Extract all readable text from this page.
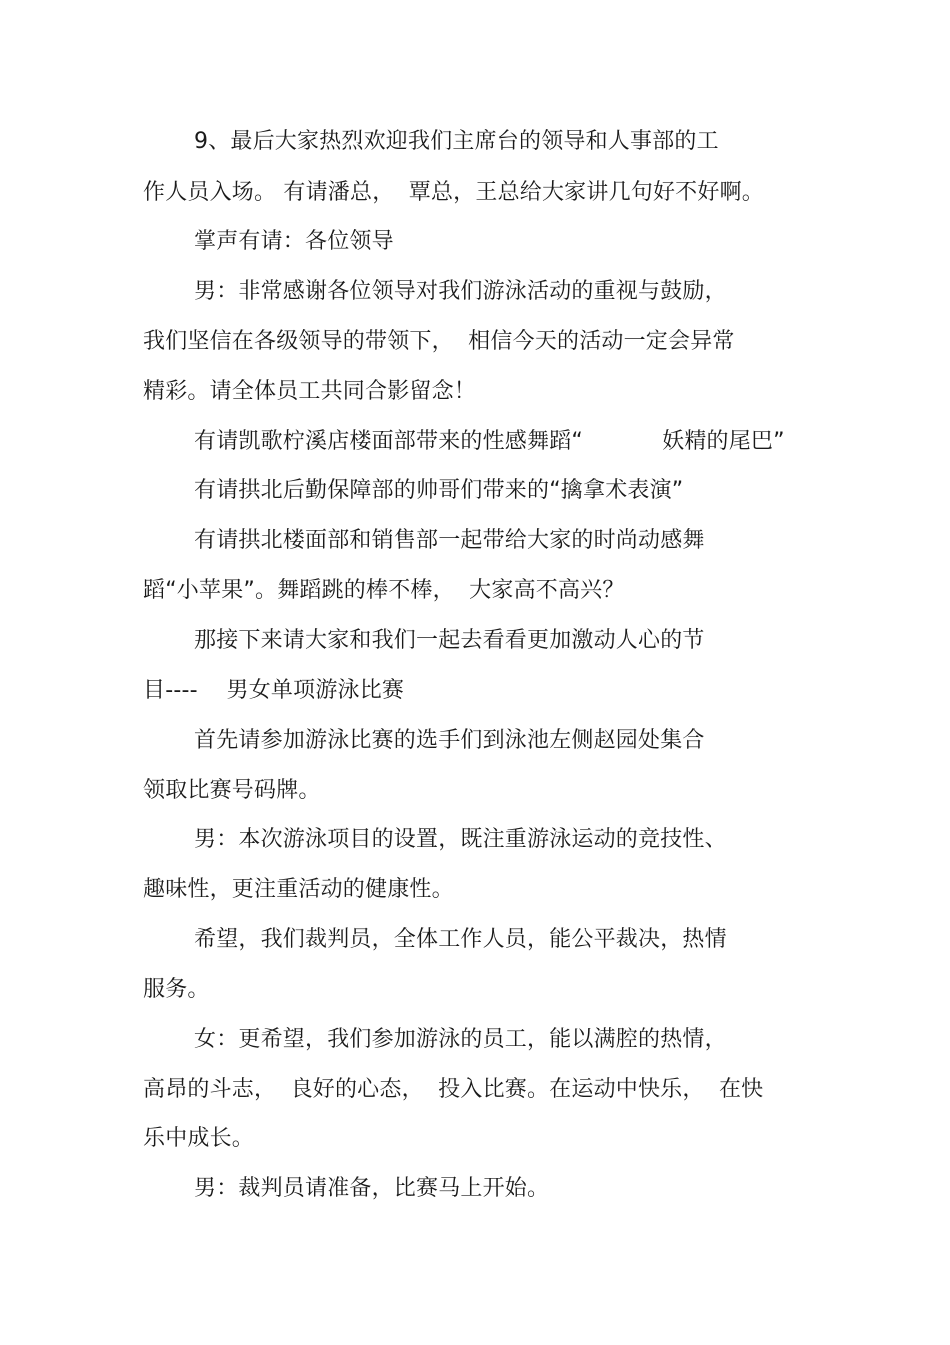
9、最后大家热烈欢迎我们主席台的领导和人事部的工
作人员入场。 有请潘总，  覃总，王总给大家讲几句好不好啊。
掌声有请：各位领导
男：非常感谢各位领导对我们游泳活动的重视与鼓励，
我们坚信在各级领导的带领下，  相信今天的活动一定会异常
精彩。请全体员工共同合影留念！
有请凯歌柠溪店楼面部带来的性感舞蹈“           妖精的尾巴”
有请拱北后勤保障部的帅哥们带来的“擒拿术表演”
有请拱北楼面部和销售部一起带给大家的时尚动感舞
蹈“小苹果”。舞蹈跳的棒不棒，  大家高不高兴？
那接下来请大家和我们一起去看看更加激动人心的节
目----    男女单项游泳比赛
首先请参加游泳比赛的选手们到泳池左侧赵园处集合
领取比赛号码牌。
男：本次游泳项目的设置，既注重游泳运动的竞技性、
趣味性，更注重活动的健康性。
希望，我们裁判员，全体工作人员，能公平裁决，热情
服务。
女：更希望，我们参加游泳的员工，能以满腔的热情，
高昂的斗志，  良好的心态，  投入比赛。在运动中快乐，  在快
乐中成长。
男：裁判员请准备，比赛马上开始。
